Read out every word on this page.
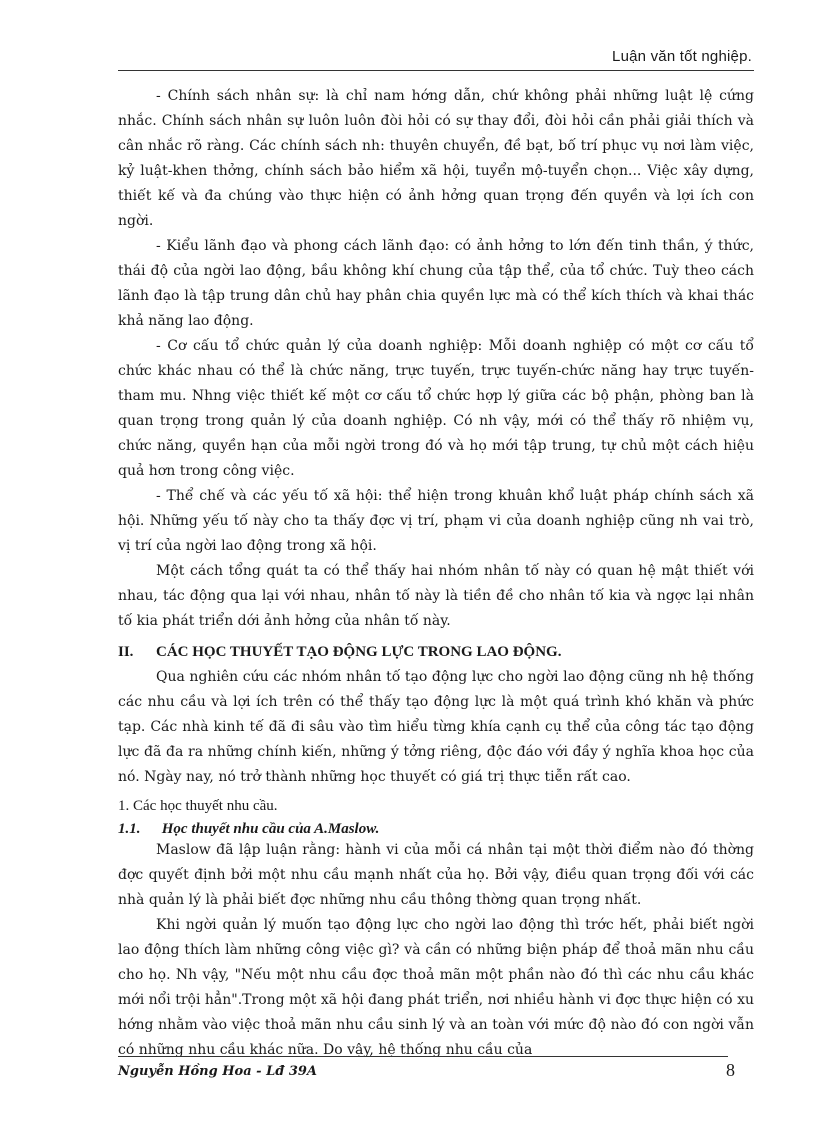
Luận văn tốt nghiệp.

- Chính sách nhân sự: là chỉ nam hớng dẫn, chứ không phải những luật lệ cứng nhắc. Chính sách nhân sự luôn luôn đòi hỏi có sự thay đổi, đòi hỏi cần phải giải thích và cân nhắc rõ ràng. Các chính sách nh: thuyên chuyển, đề bạt, bố trí phục vụ nơi làm việc, kỷ luật-khen thởng, chính sách bảo hiểm xã hội, tuyển mộ-tuyển chọn... Việc xây dựng, thiết kế và đa chúng vào thực hiện có ảnh hởng quan trọng đến quyền và lợi ích con ngời.

- Kiểu lãnh đạo và phong cách lãnh đạo: có ảnh hởng to lớn đến tinh thần, ý thức, thái độ của ngời lao động, bầu không khí chung của tập thể, của tổ chức. Tuỳ theo cách lãnh đạo là tập trung dân chủ hay phân chia quyền lực mà có thể kích thích và khai thác khả năng lao động.

- Cơ cấu tổ chức quản lý của doanh nghiệp: Mỗi doanh nghiệp có một cơ cấu tổ chức khác nhau có thể là chức năng, trực tuyến, trực tuyến-chức năng hay trực tuyến-tham mu. Nhng việc thiết kế một cơ cấu tổ chức hợp lý giữa các bộ phận, phòng ban là quan trọng trong quản lý của doanh nghiệp. Có nh vậy, mới có thể thấy rõ nhiệm vụ, chức năng, quyền hạn của mỗi ngời trong đó và họ mới tập trung, tự chủ một cách hiệu quả hơn trong công việc.

- Thể chế và các yếu tố xã hội: thể hiện trong khuân khổ luật pháp chính sách xã hội. Những yếu tố này cho ta thấy đợc vị trí, phạm vi của doanh nghiệp cũng nh vai trò, vị trí của ngời lao động trong xã hội.

Một cách tổng quát ta có thể thấy hai nhóm nhân tố này có quan hệ mật thiết với nhau, tác động qua lại với nhau, nhân tố này là tiền đề cho nhân tố kia và ngợc lại nhân tố kia phát triển dới ảnh hởng của nhân tố này.

II.	CÁC HỌC THUYẾT TẠO ĐỘNG LỰC TRONG LAO ĐỘNG.

Qua nghiên cứu các nhóm nhân tố tạo động lực cho ngời lao động cũng nh hệ thống các nhu cầu và lợi ích trên có thể thấy tạo động lực là một quá trình khó khăn và phức tạp. Các nhà kinh tế đã đi sâu vào tìm hiểu từng khía cạnh cụ thể của công tác tạo động lực đã đa ra những chính kiến, những ý tởng riêng, độc đáo với đầy ý nghĩa khoa học của nó. Ngày nay, nó trở thành những học thuyết có giá trị thực tiễn rất cao.

1. Các học thuyết nhu cầu.
1.1. Học thuyết nhu cầu của A.Maslow.

Maslow đã lập luận rằng: hành vi của mỗi cá nhân tại một thời điểm nào đó thờng đợc quyết định bởi một nhu cầu mạnh nhất của họ. Bởi vậy, điều quan trọng đối với các nhà quản lý là phải biết đợc những nhu cầu thông thờng quan trọng nhất.

Khi ngời quản lý muốn tạo động lực cho ngời lao động thì trớc hết, phải biết ngời lao động thích làm những công việc gì? và cần có những biện pháp để thoả mãn nhu cầu cho họ. Nh vậy, "Nếu một nhu cầu đợc thoả mãn một phần nào đó thì các nhu cầu khác mới nổi trội hẳn".Trong một xã hội đang phát triển, nơi nhiều hành vi đợc thực hiện có xu hớng nhằm vào việc thoả mãn nhu cầu sinh lý và an toàn với mức độ nào đó con ngời vẫn có những nhu cầu khác nữa. Do vậy, hệ thống nhu cầu của

Nguyễn Hồng Hoa - Lđ 39A	8
